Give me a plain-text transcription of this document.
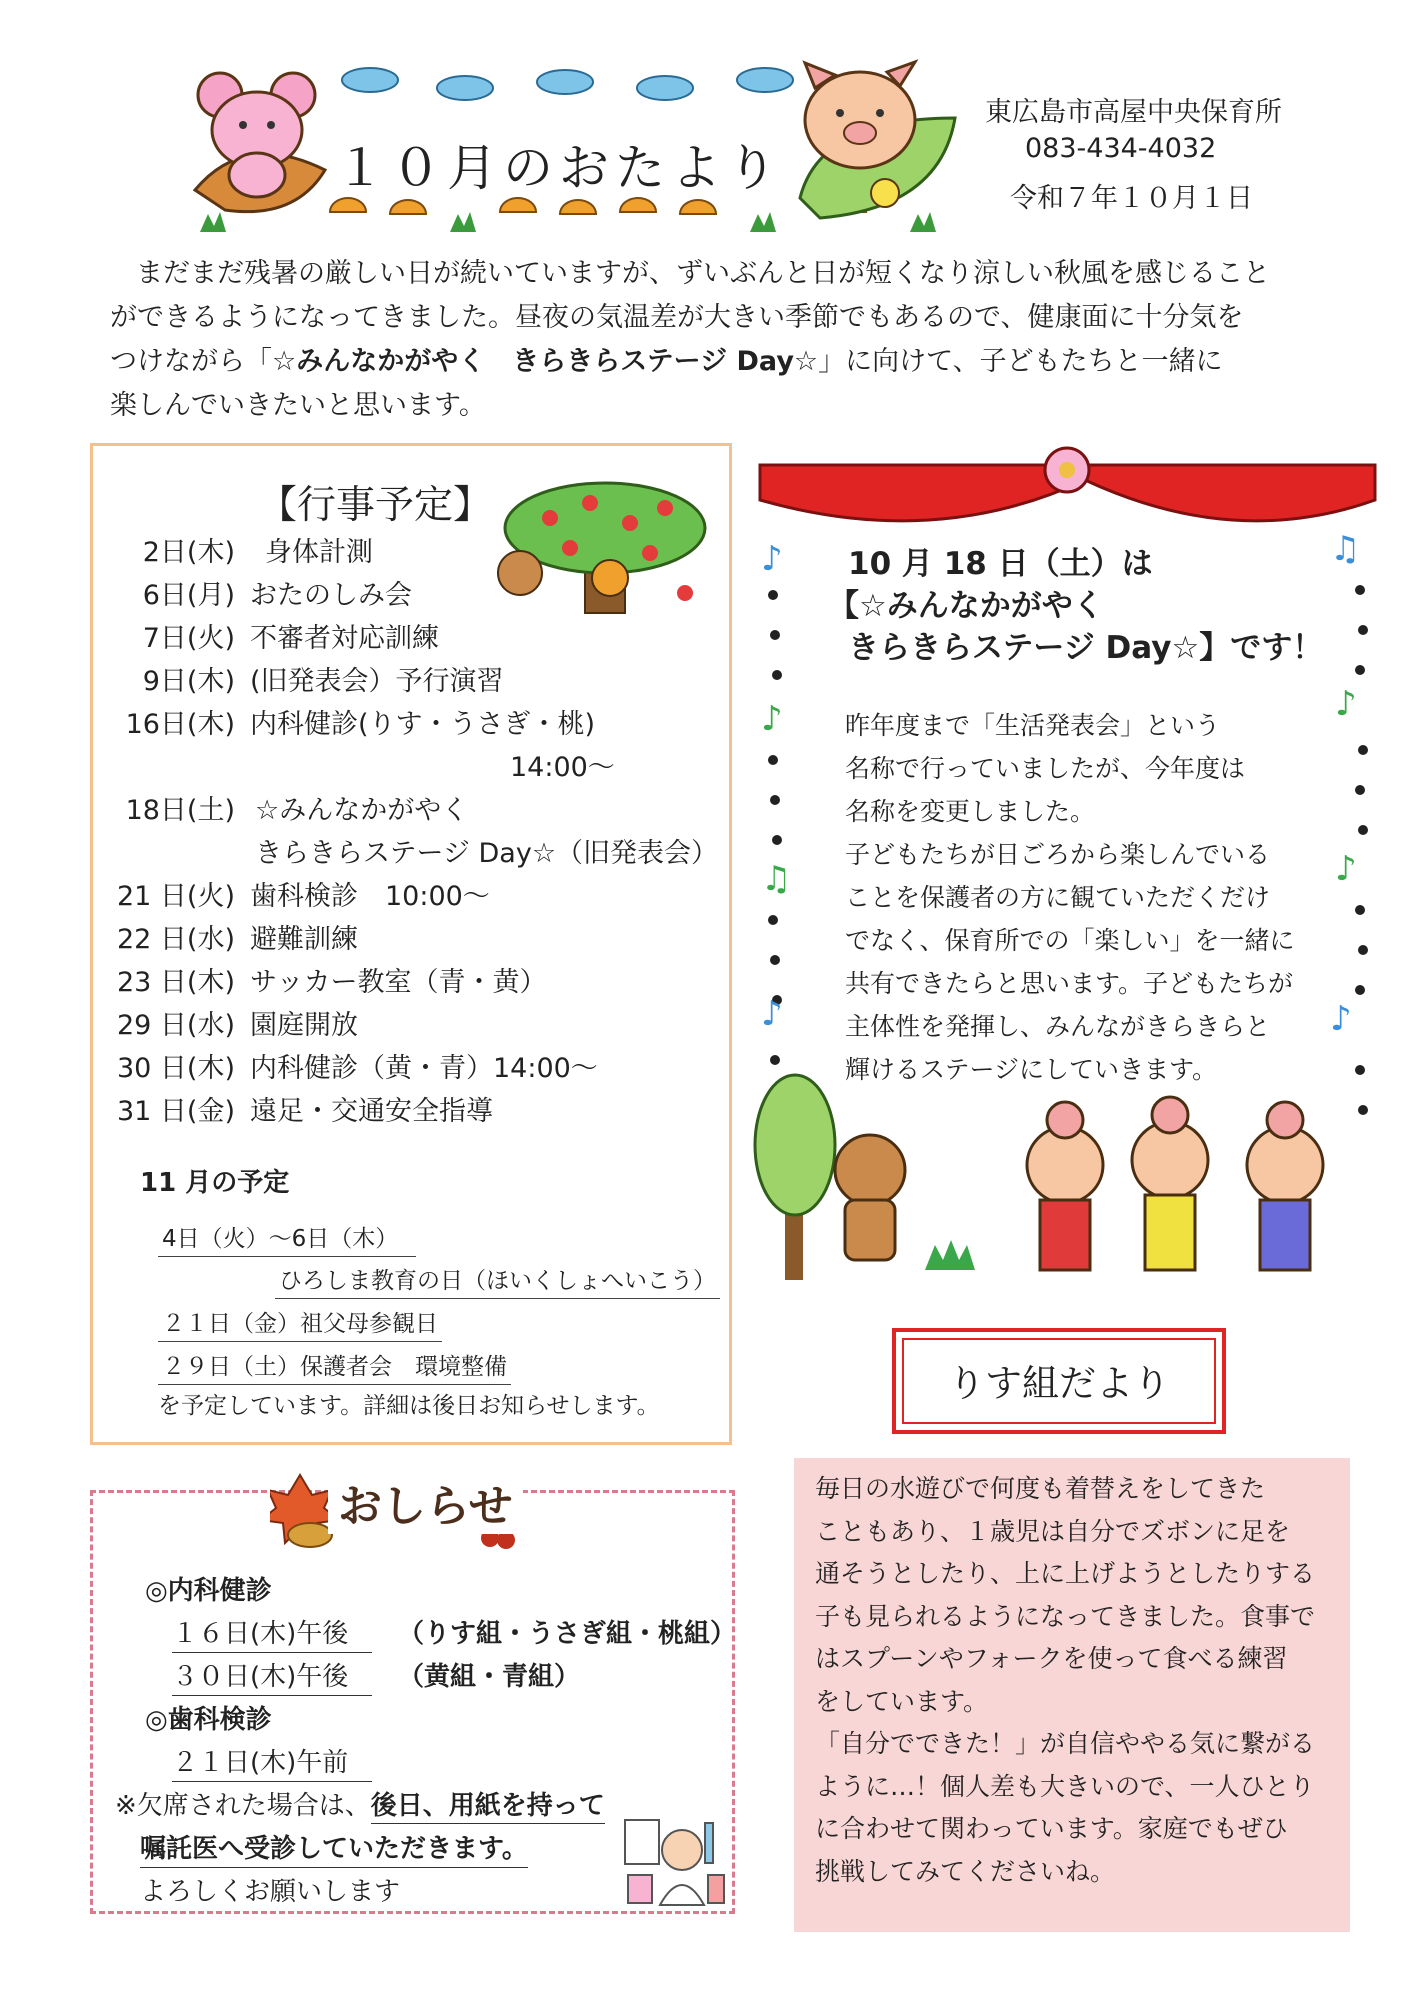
１０月のおたより
東広島市高屋中央保育所
083-434-4032
令和７年１０月１日

まだまだ残暑の厳しい日が続いていますが、ずいぶんと日が短くなり涼しい秋風を感じること

ができるようになってきました。昼夜の気温差が大きい季節でもあるので、健康面に十分気を

つけながら「☆みんなかがやく　きらきらステージ Day☆」に向けて、子どもたちと一緒に

楽しんでいきたいと思います。

【行事予定】
2日(木) 身体計測
6日(月) おたのしみ会
7日(火) 不審者対応訓練
9日(木) (旧発表会）予行演習
16日(木) 内科健診(りす・うさぎ・桃)
14:00〜
18日(土) ☆みんなかがやく
きらきらステージ Day☆（旧発表会）
21 日(火) 歯科検診　10:00〜
22 日(水) 避難訓練
23 日(木) サッカー教室（青・黄）
29 日(水) 園庭開放
30 日(木) 内科健診（黄・青）14:00〜
31 日(金) 遠足・交通安全指導
11 月の予定
4日（火）〜6日（木）
ひろしま教育の日（ほいくしょへいこう）
２１日（金）祖父母参観日
２９日（土）保護者会　環境整備
を予定しています。詳細は後日お知らせします。
♪	♫
♪
♪
♪
♫
♪
♪
10 月 18 日（土）は
【☆みんなかがやく
きらきらステージ Day☆】です！

昨年度まで「生活発表会」という

名称で行っていましたが、今年度は

名称を変更しました。

子どもたちが日ごろから楽しんでいる

ことを保護者の方に観ていただくだけ

でなく、保育所での「楽しい」を一緒に

共有できたらと思います。子どもたちが

主体性を発揮し、みんながきらきらと

輝けるステージにしていきます。

りす組だより

毎日の水遊びで何度も着替えをしてきた

こともあり、１歳児は自分でズボンに足を

通そうとしたり、上に上げようとしたりする

子も見られるようになってきました。食事で

はスプーンやフォークを使って食べる練習

をしています。

「自分でできた！」が自信ややる気に繋がる

ように…！個人差も大きいので、一人ひとり

に合わせて関わっています。家庭でもぜひ

挑戦してみてくださいね。

おしらせ
◎内科健診
１６日(木)午後	（りす組・うさぎ組・桃組）
３０日(木)午後	（黄組・青組）
◎歯科検診
２１日(木)午前
※欠席された場合は、後日、用紙を持って
嘱託医へ受診していただきます。
よろしくお願いします
